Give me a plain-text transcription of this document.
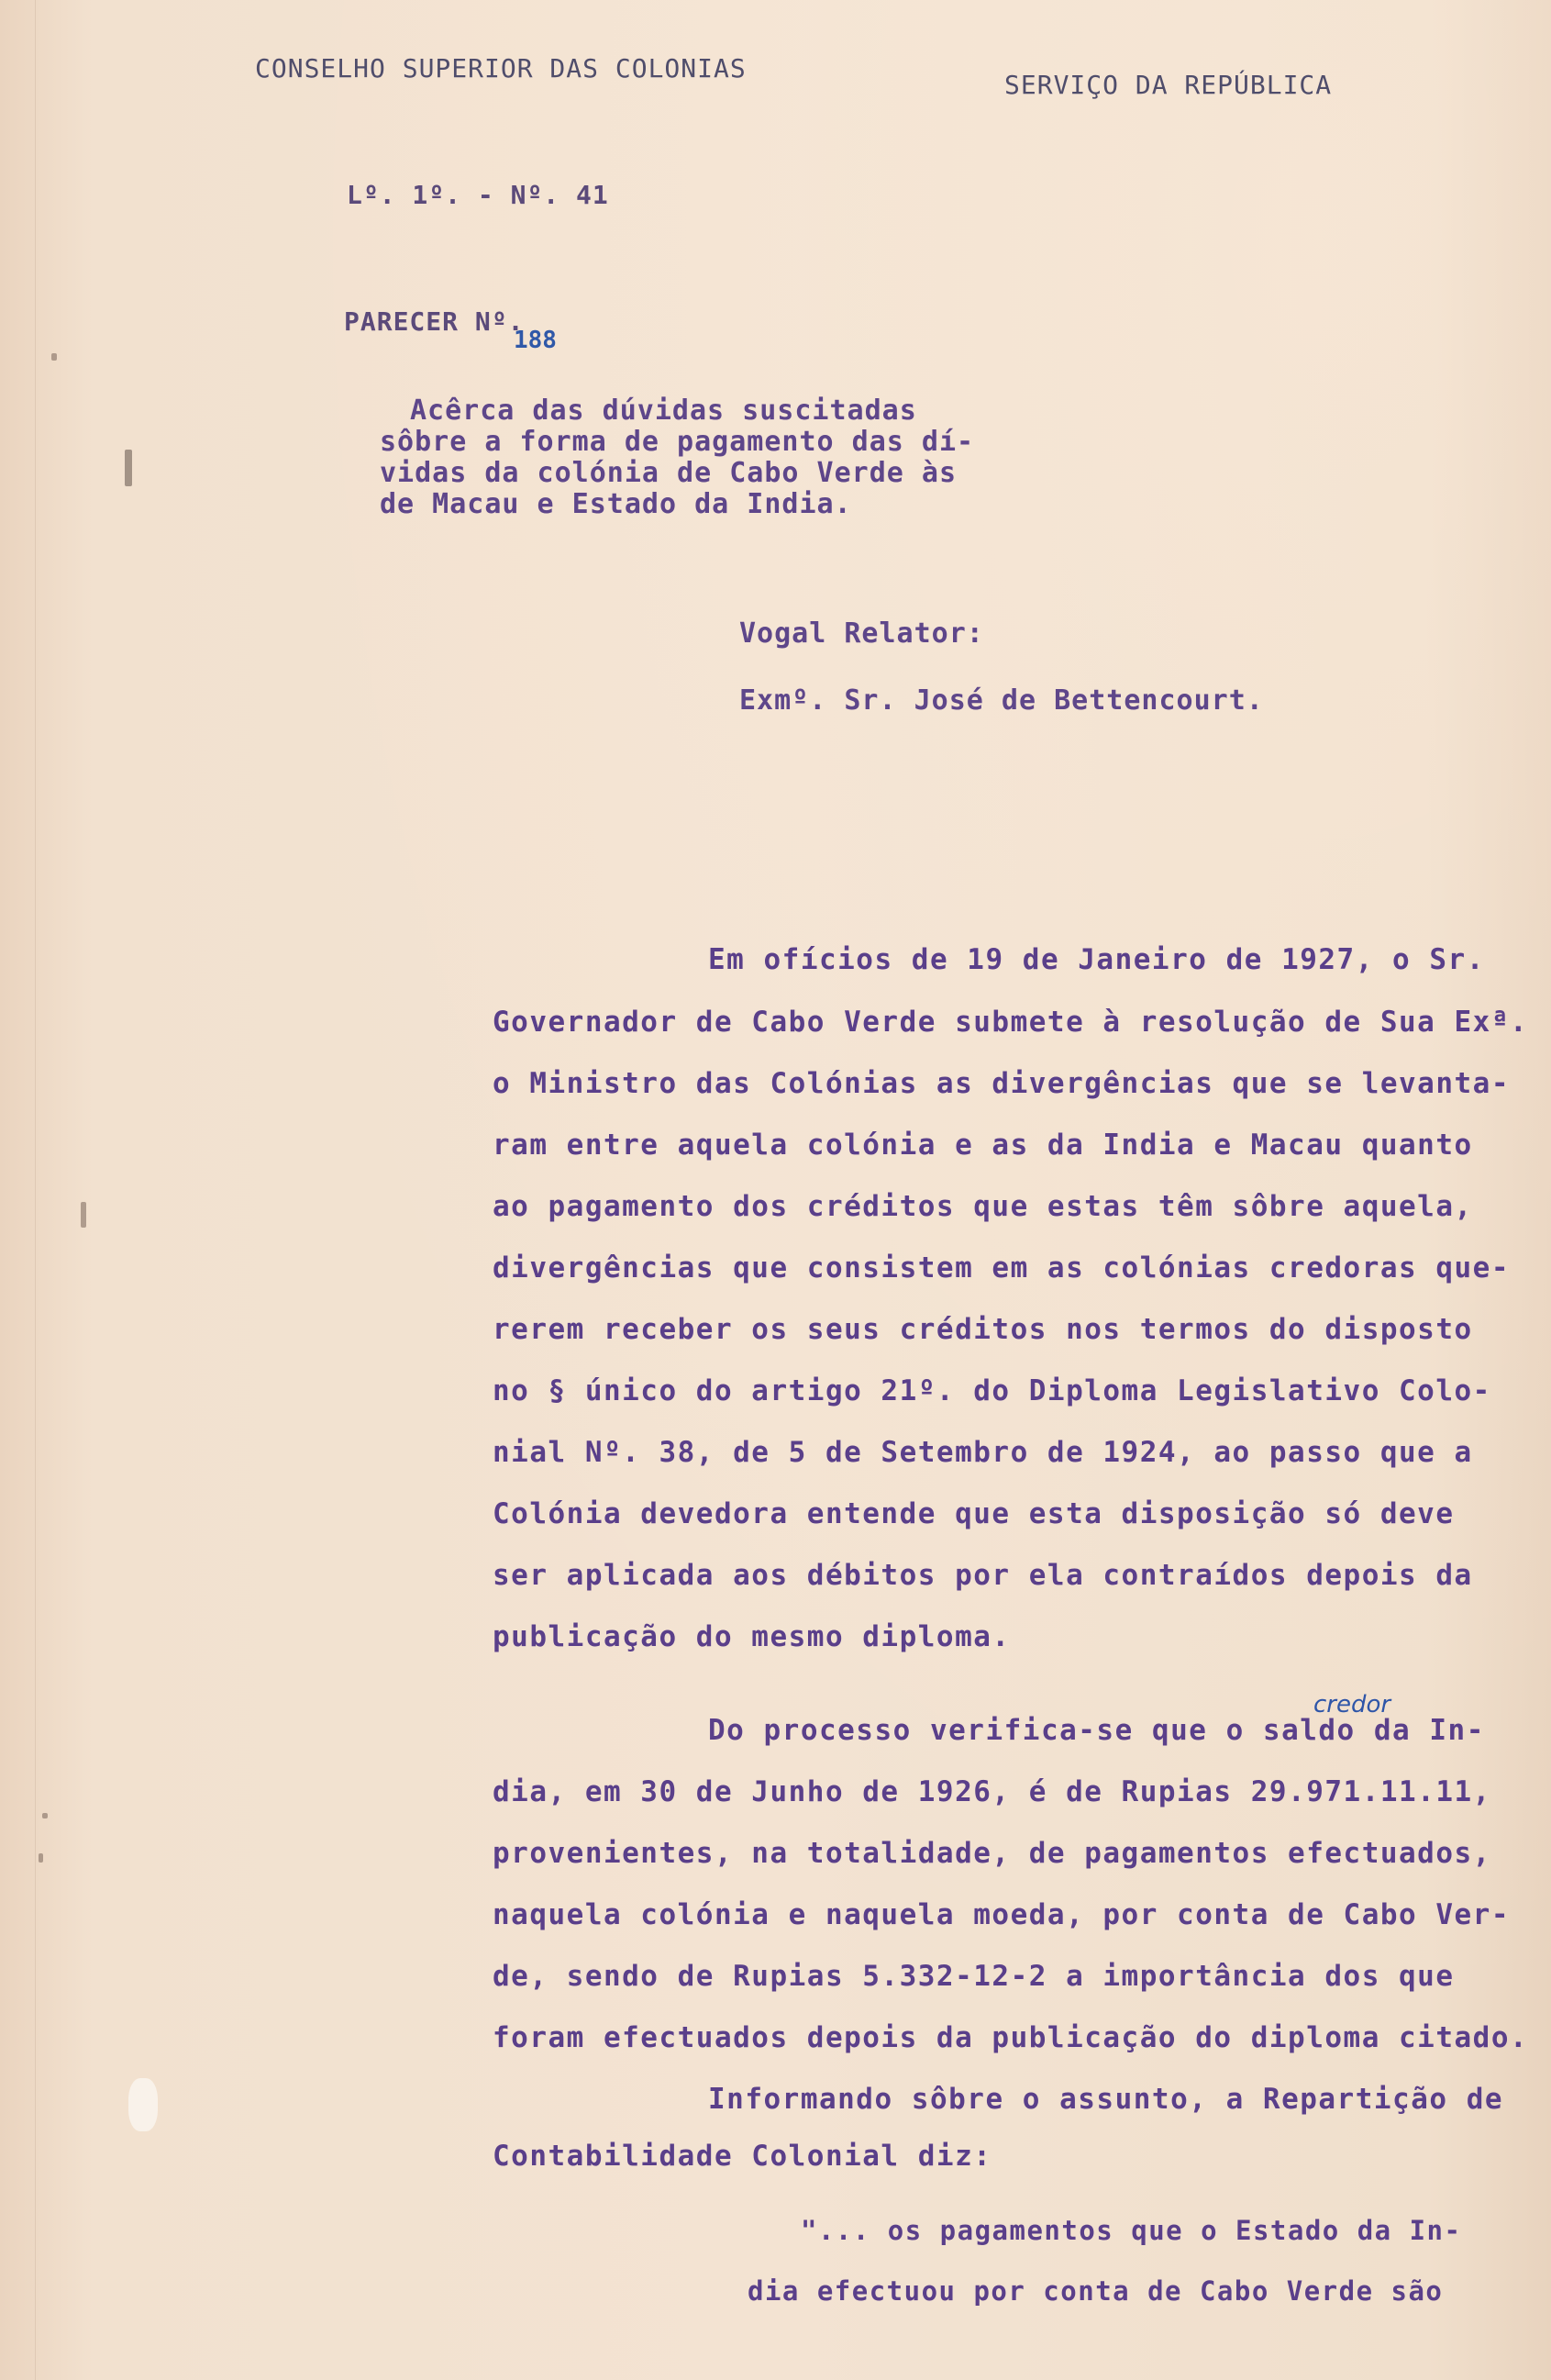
CONSELHO SUPERIOR DAS COLONIAS
SERVIÇO DA REPÚBLICA
Lº. 1º. - Nº. 41
PARECER Nº.
188
Acêrca das dúvidas suscitadas
sôbre a forma de pagamento das dí-
vidas da colónia de Cabo Verde às
de Macau e Estado da India.
Vogal Relator:
Exmº. Sr. José de Bettencourt.
Em ofícios de 19 de Janeiro de 1927, o Sr.
Governador de Cabo Verde submete à resolução de Sua Exª.
o Ministro das Colónias as divergências que se levanta-
ram entre aquela colónia e as da India e Macau quanto
ao pagamento dos créditos que estas têm sôbre aquela,
divergências que consistem em as colónias credoras que-
rerem receber os seus créditos nos termos do disposto
no § único do artigo 21º. do Diploma Legislativo Colo-
nial Nº. 38, de 5 de Setembro de 1924, ao passo que a
Colónia devedora entende que esta disposição só deve
ser aplicada aos débitos por ela contraídos depois da
publicação do mesmo diploma.
credor
Do processo verifica-se que o saldo da In-
dia, em 30 de Junho de 1926, é de Rupias 29.971.11.11,
provenientes, na totalidade, de pagamentos efectuados,
naquela colónia e naquela moeda, por conta de Cabo Ver-
de, sendo de Rupias 5.332-12-2 a importância dos que
foram efectuados depois da publicação do diploma citado.
Informando sôbre o assunto, a Repartição de
Contabilidade Colonial diz:
"... os pagamentos que o Estado da In-
dia efectuou por conta de Cabo Verde são
